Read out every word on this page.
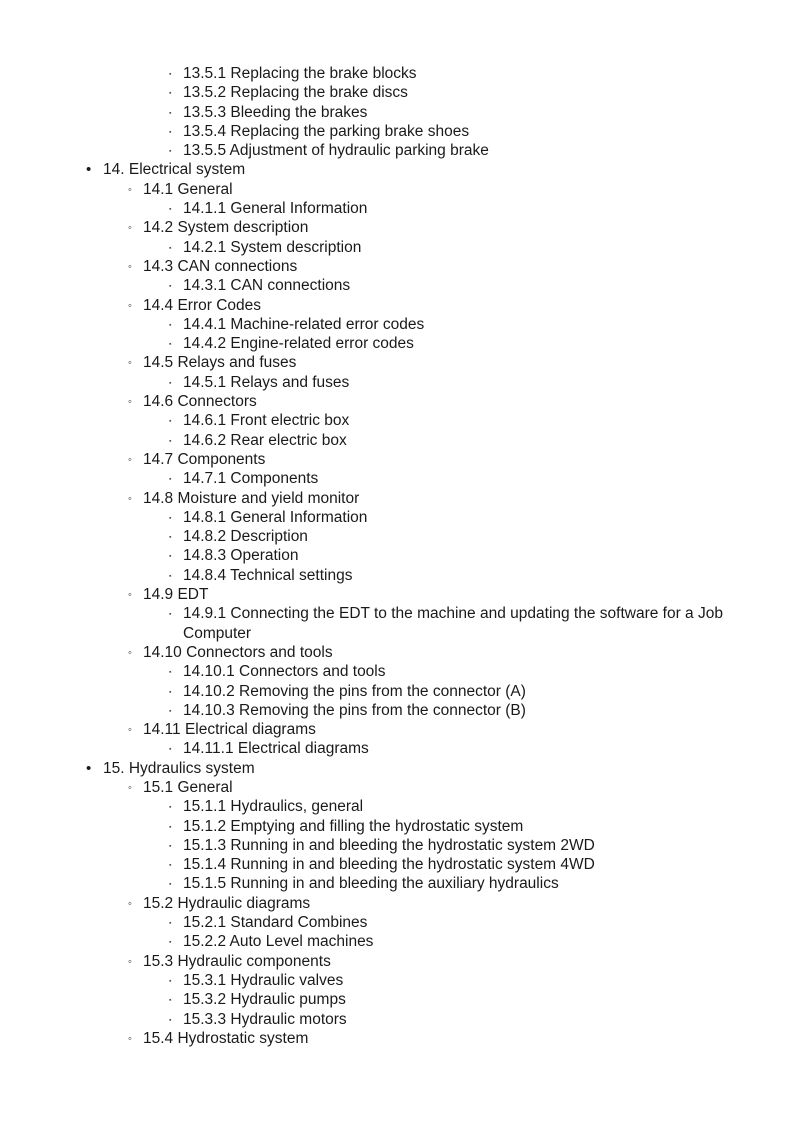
▪
13.5.1 Replacing the brake blocks
▪
13.5.2 Replacing the brake discs
▪
13.5.3 Bleeding the brakes
▪
13.5.4 Replacing the parking brake shoes
▪
13.5.5 Adjustment of hydraulic parking brake
•
14. Electrical system
◦
14.1 General
▪
14.1.1 General Information
◦
14.2 System description
▪
14.2.1 System description
◦
14.3 CAN connections
▪
14.3.1 CAN connections
◦
14.4 Error Codes
▪
14.4.1 Machine-related error codes
▪
14.4.2 Engine-related error codes
◦
14.5 Relays and fuses
▪
14.5.1 Relays and fuses
◦
14.6 Connectors
▪
14.6.1 Front electric box
▪
14.6.2 Rear electric box
◦
14.7 Components
▪
14.7.1 Components
◦
14.8 Moisture and yield monitor
▪
14.8.1 General Information
▪
14.8.2 Description
▪
14.8.3 Operation
▪
14.8.4 Technical settings
◦
14.9 EDT
▪
14.9.1 Connecting the EDT to the machine and updating the software for a Job Computer
◦
14.10 Connectors and tools
▪
14.10.1 Connectors and tools
▪
14.10.2 Removing the pins from the connector (A)
▪
14.10.3 Removing the pins from the connector (B)
◦
14.11 Electrical diagrams
▪
14.11.1 Electrical diagrams
•
15. Hydraulics system
◦
15.1 General
▪
15.1.1 Hydraulics, general
▪
15.1.2 Emptying and filling the hydrostatic system
▪
15.1.3 Running in and bleeding the hydrostatic system 2WD
▪
15.1.4 Running in and bleeding the hydrostatic system 4WD
▪
15.1.5 Running in and bleeding the auxiliary hydraulics
◦
15.2 Hydraulic diagrams
▪
15.2.1 Standard Combines
▪
15.2.2 Auto Level machines
◦
15.3 Hydraulic components
▪
15.3.1 Hydraulic valves
▪
15.3.2 Hydraulic pumps
▪
15.3.3 Hydraulic motors
◦
15.4 Hydrostatic system
